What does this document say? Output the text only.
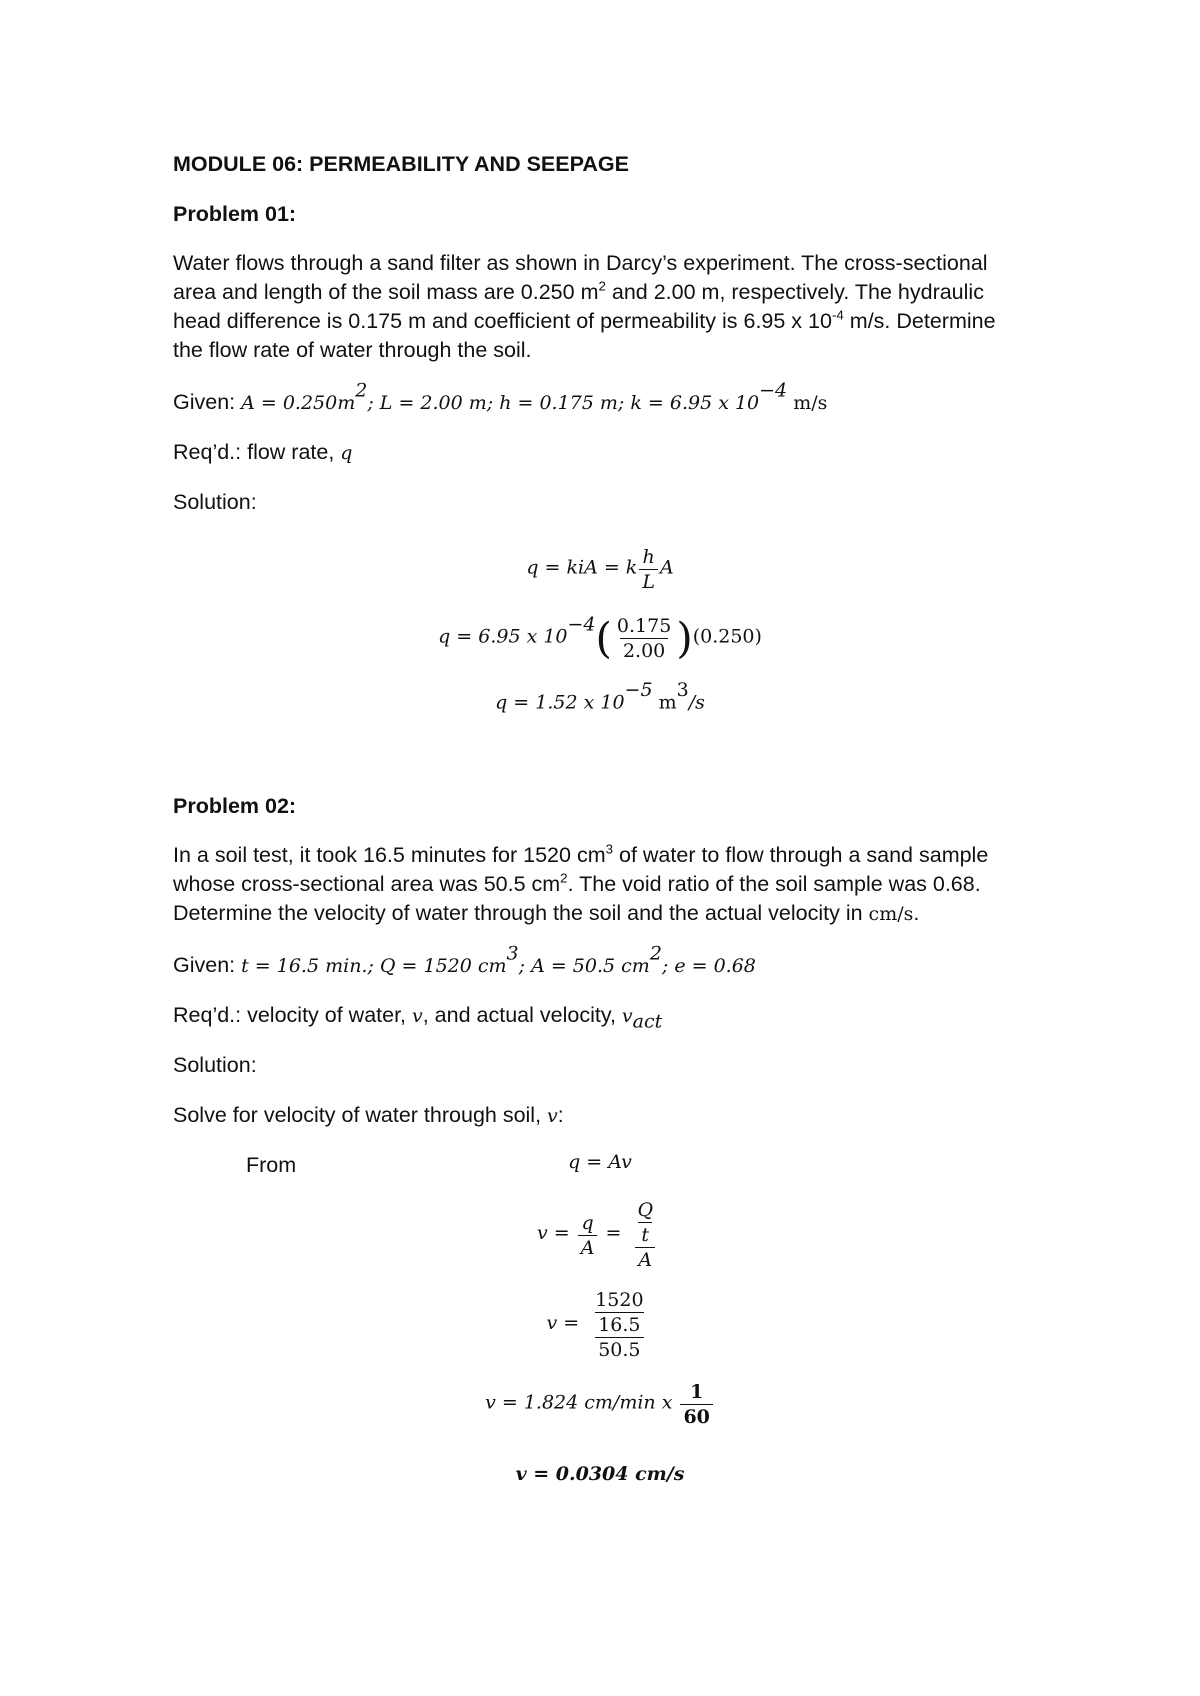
MODULE 06: PERMEABILITY AND SEEPAGE
Problem 01:
Water flows through a sand filter as shown in Darcy’s experiment. The cross-sectional
area and length of the soil mass are 0.250 $m^2$ and 2.00 m, respectively. The hydraulic
head difference is 0.175 m and coefficient of permeability is 6.95 x $10^{-4}$ m/s. Determine
the flow rate of water through the soil.
Given: $A = 0.250m^2$; L = 2.00 m; h = 0.175 m; k = 6.95 x $10^{-4}$ m/s
Req’d.: flow rate, q
Solution:
q = kiA = k $\frac{h}{L}$ A
q = 6.95 x $10^{-4}( \frac{0.175}{2.00} )(0.250)$
q = 1.52 x $10^{-5}$ $m^3/s$
Problem 02:
In a soil test, it took 16.5 minutes for 1520 $cm^3$ of water to flow through a sand sample
whose cross-sectional area was 50.5 $cm^2$. The void ratio of the soil sample was 0.68.
Determine the velocity of water through the soil and the actual velocity in cm/s.
Given: t = 16.5 min.; Q = 1520 $cm^3$; A = 50.5 $cm^2$; e = 0.68
Req’d.: velocity of water, v, and actual velocity, $v_{act}$
Solution:
Solve for velocity of water through soil, v:
From	q = Av
$v = \frac{q}{A} = \frac{\frac{Q}{t}}{A}$
$v = \frac{\frac{1520}{16.5}}{50.5}$
v = 1.824 cm/min x $\frac{1}{60}$
v = 0.0304 cm/s
